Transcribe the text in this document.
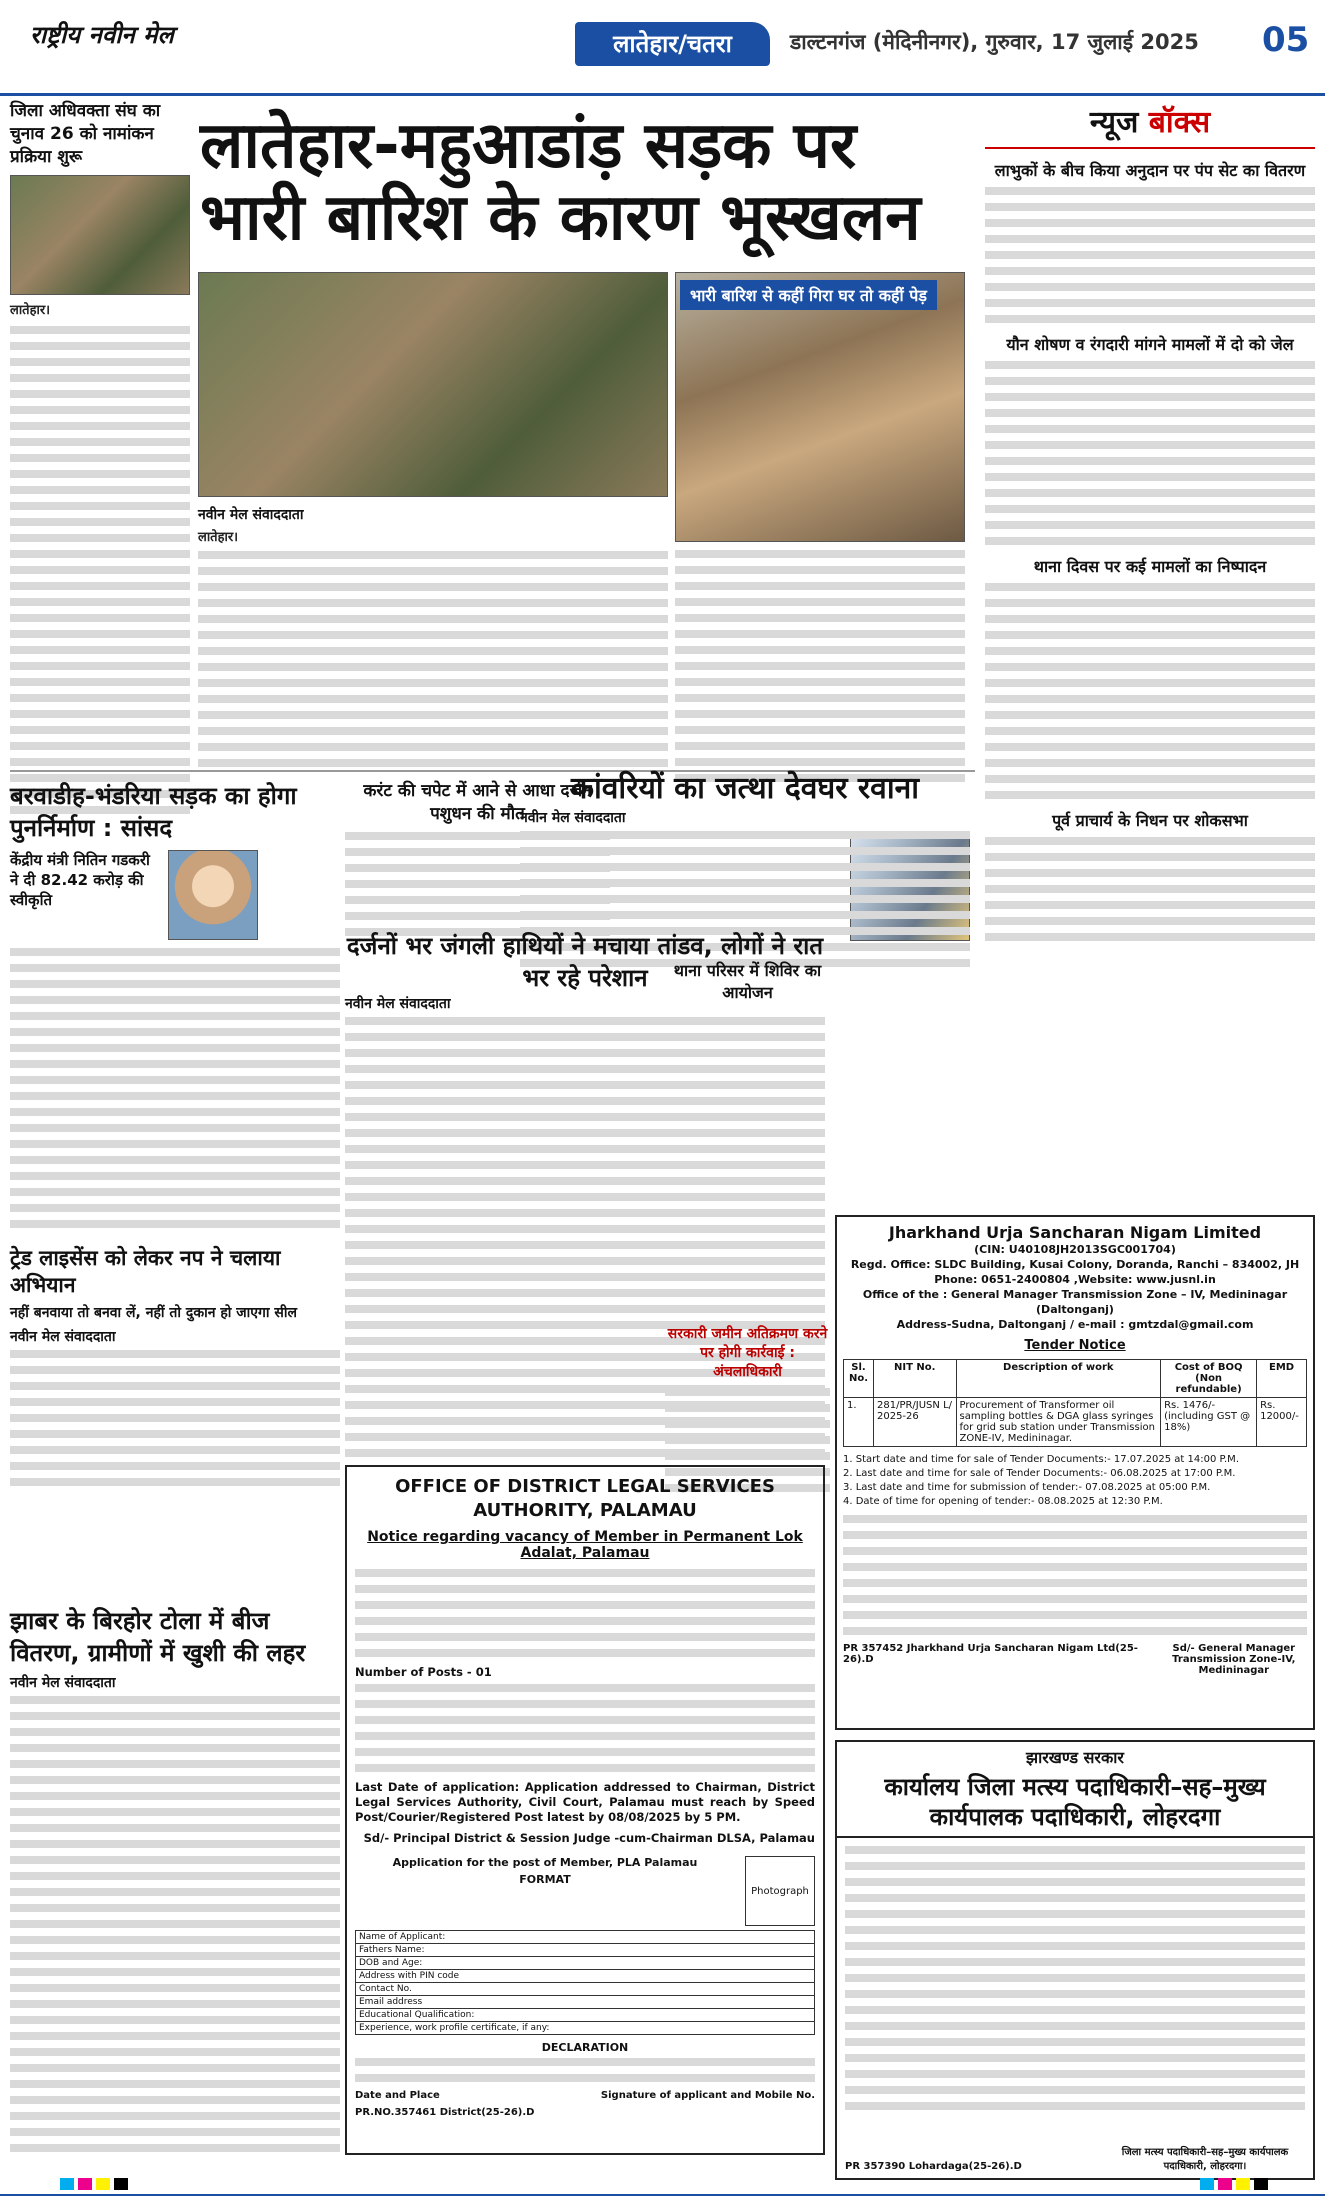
राष्ट्रीय नवीन मेल	लातेहार/चतरा	डाल्टनगंज (मेदिनीनगर), गुरुवार, 17 जुलाई 2025 05
जिला अधिवक्ता संघ का चुनाव 26 को नामांकन प्रक्रिया शुरू
लातेहार।
लातेहार-महुआडांड़ सड़क पर भारी बारिश के कारण भूस्खलन
भारी बारिश से कहीं गिरा घर तो कहीं पेड़
नवीन मेल संवाददाता
लातेहार।
न्यूज बॉक्स
लाभुकों के बीच किया अनुदान पर पंप सेट का वितरण
यौन शोषण व रंगदारी मांगने मामलों में दो को जेल
थाना दिवस पर कई मामलों का निष्पादन
पूर्व प्राचार्य के निधन पर शोकसभा
बरवाडीह-भंडरिया सड़क का होगा पुनर्निर्माण : सांसद
केंद्रीय मंत्री नितिन गडकरी ने दी 82.42 करोड़ की स्वीकृति
करंट की चपेट में आने से आधा दर्जन पशुधन की मौत
कांवरियों का जत्था देवघर रवाना
नवीन मेल संवाददाता
दर्जनों भर जंगली हाथियों ने मचाया तांडव, लोगों ने रात भर रहे परेशान
नवीन मेल संवाददाता
थाना परिसर में शिविर का आयोजन
सरकारी जमीन अतिक्रमण करने पर होगी कार्रवाई : अंचलाधिकारी
ट्रेड लाइसेंस को लेकर नप ने चलाया अभियान
नहीं बनवाया तो बनवा लें, नहीं तो दुकान हो जाएगा सील
नवीन मेल संवाददाता
झाबर के बिरहोर टोला में बीज वितरण, ग्रामीणों में खुशी की लहर
नवीन मेल संवाददाता
Jharkhand Urja Sancharan Nigam Limited
(CIN: U40108JH2013SGC001704)
Regd. Office: SLDC Building, Kusai Colony, Doranda, Ranchi – 834002, JH
Phone: 0651-2400804 ,Website: www.jusnl.in
Office of the : General Manager Transmission Zone – IV, Medininagar (Daltonganj)
Address-Sudna, Daltonganj / e-mail : gmtzdal@gmail.com
Tender Notice
Sl. No.	NIT No.	Description of work	Cost of BOQ (Non refundable)	EMD
1.	281/PR/JUSN L/ 2025-26	Procurement of Transformer oil sampling bottles & DGA glass syringes for grid sub station under Transmission ZONE-IV, Medininagar.	Rs. 1476/- (including GST @ 18%)	Rs. 12000/-
1. Start date and time for sale of Tender Documents:- 17.07.2025 at 14:00 P.M.
2. Last date and time for sale of Tender Documents:- 06.08.2025 at 17:00 P.M.
3. Last date and time for submission of tender:- 07.08.2025 at 05:00 P.M.
4. Date of time for opening of tender:- 08.08.2025 at 12:30 P.M.
PR 357452 Jharkhand Urja Sancharan Nigam Ltd(25-26).D
Sd/- General Manager Transmission Zone-IV, Medininagar
OFFICE OF DISTRICT LEGAL SERVICES AUTHORITY, PALAMAU
Notice regarding vacancy of Member in Permanent Lok Adalat, Palamau

Number of Posts - 01

Last Date of application: Application addressed to Chairman, District Legal Services Authority, Civil Court, Palamau must reach by Speed Post/Courier/Registered Post latest by 08/08/2025 by 5 PM.

Sd/- Principal District & Session Judge -cum-Chairman DLSA, Palamau

Application for the post of Member, PLA Palamau
FORMAT
Photograph
Name of Applicant:
Fathers Name:
DOB and Age:
Address with PIN code
Contact No.
Email address
Educational Qualification:
Experience, work profile certificate, if any:
DECLARATION
Date and Place	Signature of applicant and Mobile No.
PR.NO.357461 District(25-26).D
झारखण्ड सरकार
कार्यालय जिला मत्स्य पदाधिकारी–सह–मुख्य कार्यपालक पदाधिकारी, लोहरदगा
PR 357390 Lohardaga(25-26).D
जिला मत्स्य पदाधिकारी–सह–मुख्य कार्यपालक पदाधिकारी, लोहरदगा।
